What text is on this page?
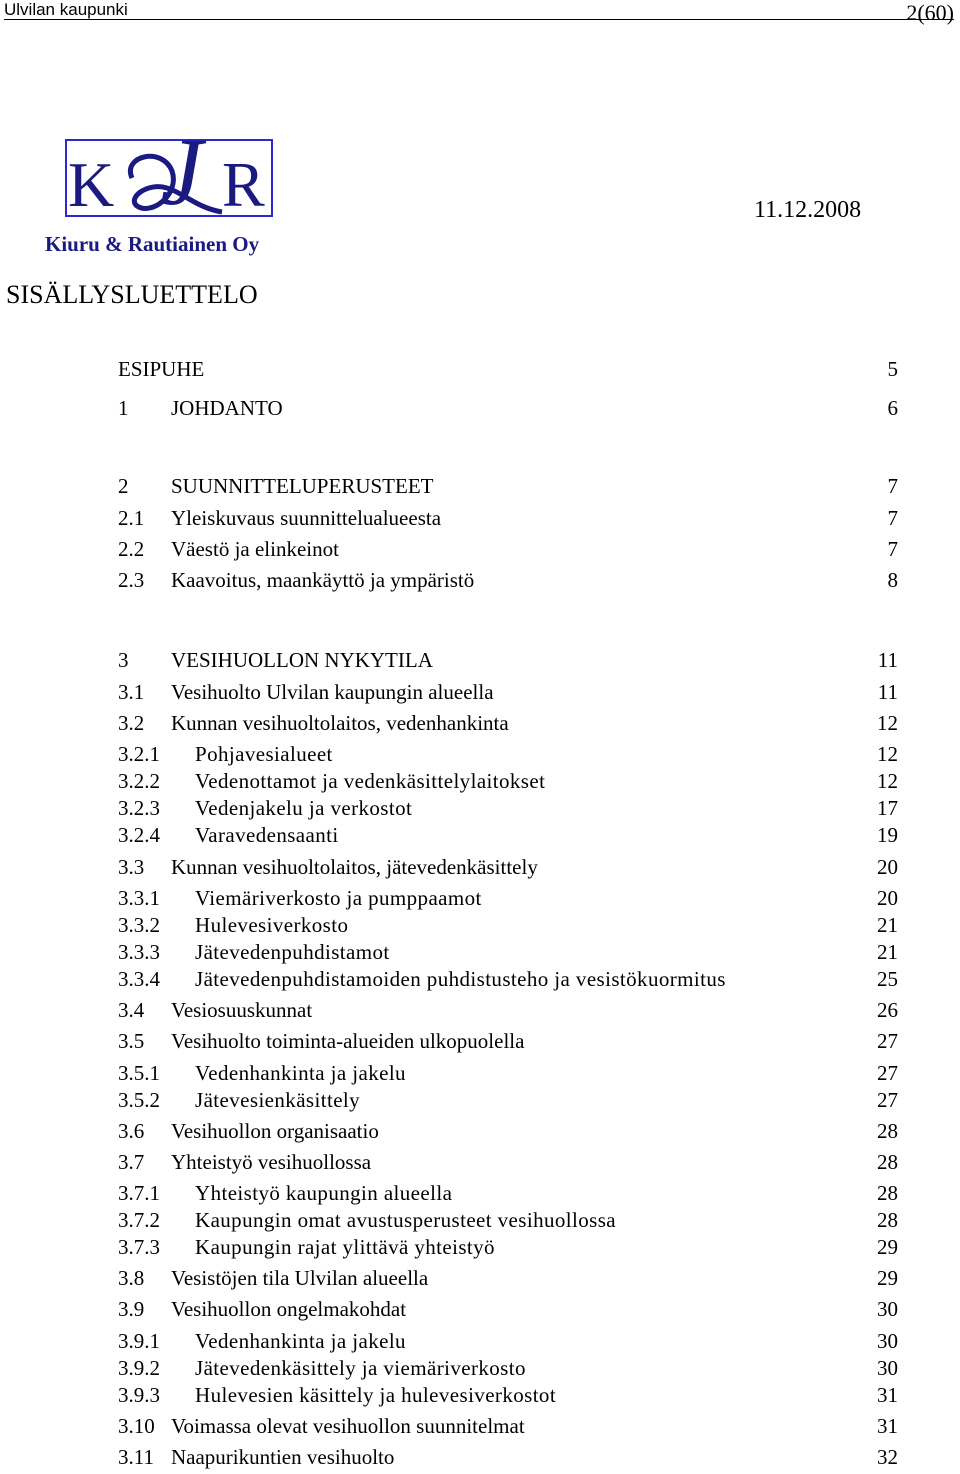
Ulvilan kaupunki	2(60)
K J R
Kiuru & Rautiainen Oy
11.12.2008
SISÄLLYSLUETTELO
ESIPUHE	5
1 JOHDANTO	6
2 SUUNNITTELUPERUSTEET	7
2.1 Yleiskuvaus suunnittelualueesta	7
2.2 Väestö ja elinkeinot	7
2.3 Kaavoitus, maankäyttö ja ympäristö	8
3 VESIHUOLLON NYKYTILA	11
3.1 Vesihuolto Ulvilan kaupungin alueella	11
3.2 Kunnan vesihuoltolaitos, vedenhankinta	12
3.2.1 Pohjavesialueet	12
3.2.2 Vedenottamot ja vedenkäsittelylaitokset	12
3.2.3 Vedenjakelu ja verkostot	17
3.2.4 Varavedensaanti	19
3.3 Kunnan vesihuoltolaitos, jätevedenkäsittely	20
3.3.1 Viemäriverkosto ja pumppaamot	20
3.3.2 Hulevesiverkosto	21
3.3.3 Jätevedenpuhdistamot	21
3.3.4 Jätevedenpuhdistamoiden puhdistusteho ja vesistökuormitus	25
3.4 Vesiosuuskunnat	26
3.5 Vesihuolto toiminta-alueiden ulkopuolella	27
3.5.1 Vedenhankinta ja jakelu	27
3.5.2 Jätevesienkäsittely	27
3.6 Vesihuollon organisaatio	28
3.7 Yhteistyö vesihuollossa	28
3.7.1 Yhteistyö kaupungin alueella	28
3.7.2 Kaupungin omat avustusperusteet vesihuollossa	28
3.7.3 Kaupungin rajat ylittävä yhteistyö	29
3.8 Vesistöjen tila Ulvilan alueella	29
3.9 Vesihuollon ongelmakohdat	30
3.9.1 Vedenhankinta ja jakelu	30
3.9.2 Jätevedenkäsittely ja viemäriverkosto	30
3.9.3 Hulevesien käsittely ja hulevesiverkostot	31
3.10 Voimassa olevat vesihuollon suunnitelmat	31
3.11 Naapurikuntien vesihuolto	32
